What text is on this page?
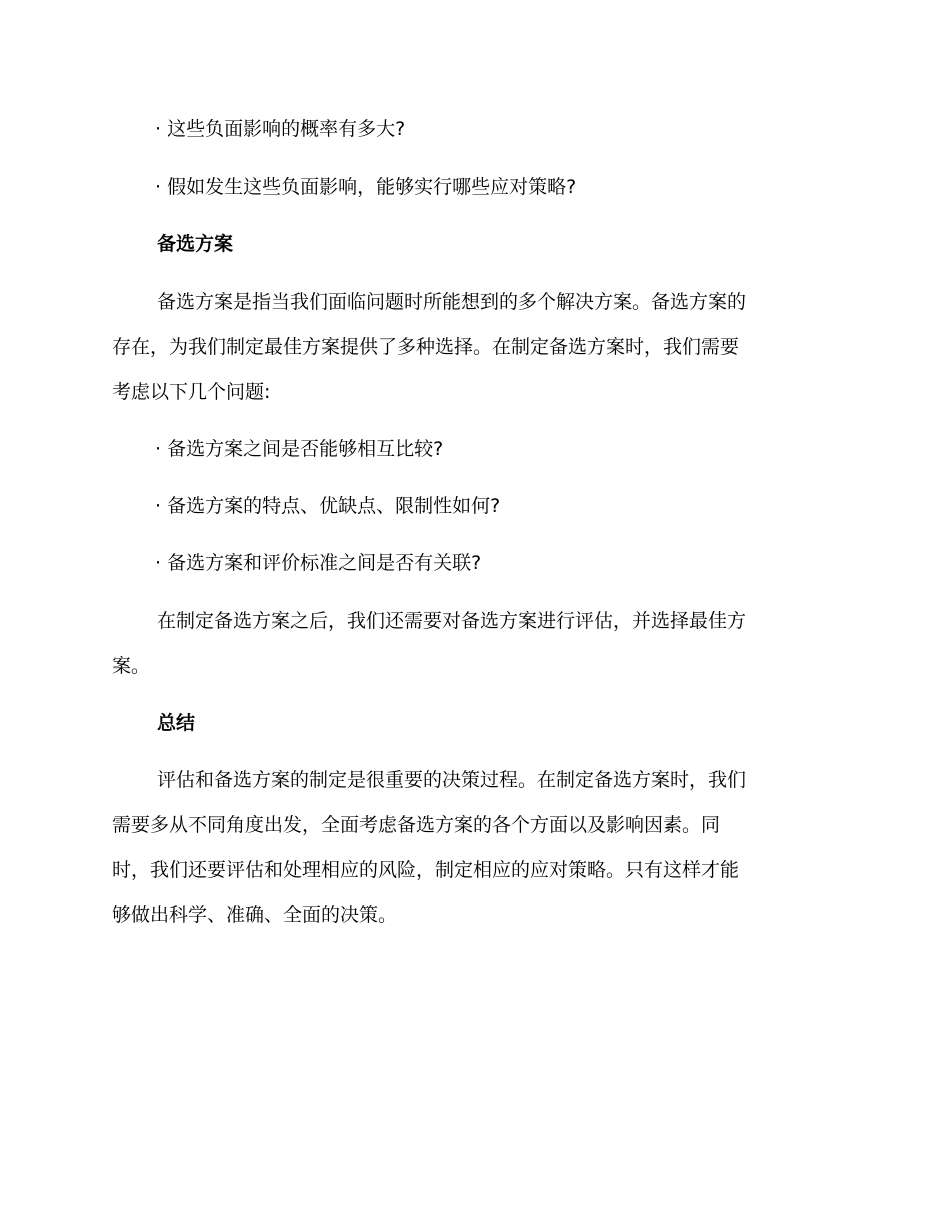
· 这些负面影响的概率有多大?
· 假如发生这些负面影响，能够实行哪些应对策略?
备选方案
备选方案是指当我们面临问题时所能想到的多个解决方案。备选方案的
存在，为我们制定最佳方案提供了多种选择。在制定备选方案时，我们需要
考虑以下几个问题:
· 备选方案之间是否能够相互比较?
· 备选方案的特点、优缺点、限制性如何?
· 备选方案和评价标准之间是否有关联?
在制定备选方案之后，我们还需要对备选方案进行评估，并选择最佳方
案。
总结
评估和备选方案的制定是很重要的决策过程。在制定备选方案时，我们
需要多从不同角度出发，全面考虑备选方案的各个方面以及影响因素。同
时，我们还要评估和处理相应的风险，制定相应的应对策略。只有这样才能
够做出科学、准确、全面的决策。
